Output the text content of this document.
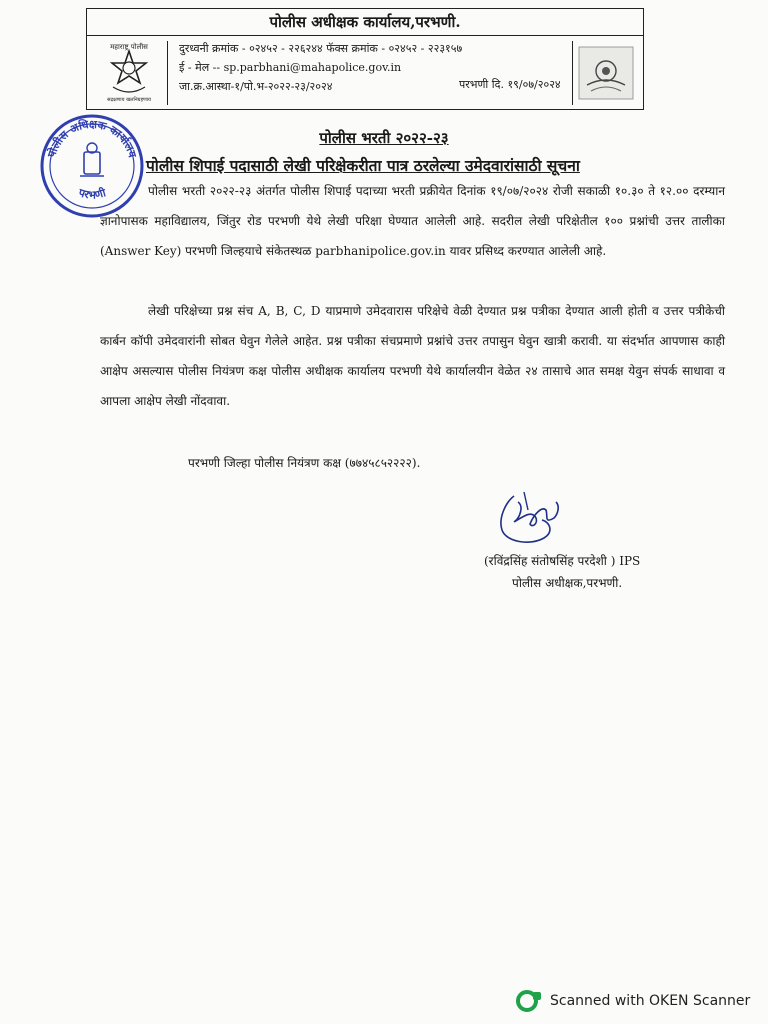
पोलीस अधीक्षक कार्यालय,परभणी.
महाराष्ट्र पोलीस
सद्रक्षणाय खलनिग्रहणाय
दुरध्वनी क्रमांक - ०२४५२ - २२६२४४ फॅक्स क्रमांक - ०२४५२ - २२३१५७
ई - मेल -- sp.parbhani@mahapolice.gov.in
जा.क्र.आस्था-१/पो.भ-२०२२-२३/२०२४	परभणी दि. १९/०७/२०२४
पोलीस अधिक्षक कार्यालय
परभणी
पोलीस भरती २०२२-२३
पोलीस शिपाई पदासाठी लेखी परिक्षेकरीता पात्र ठरलेल्या उमेदवारांसाठी सूचना
पोलीस भरती २०२२-२३ अंतर्गत पोलीस शिपाई पदाच्या भरती प्रक्रीयेत दिनांक १९/०७/२०२४ रोजी सकाळी १०.३० ते १२.०० दरम्यान ज्ञानोपासक महाविद्यालय, जिंतुर रोड परभणी येथे लेखी परिक्षा घेण्यात आलेली आहे. सदरील लेखी परिक्षेतील १०० प्रश्नांची उत्तर तालीका (Answer Key) परभणी जिल्हयाचे संकेतस्थळ parbhanipolice.gov.in यावर प्रसिध्द करण्यात आलेली आहे.
लेखी परिक्षेच्या प्रश्न संच A, B, C, D याप्रमाणे उमेदवारास परिक्षेचे वेळी देण्यात प्रश्न पत्रीका देण्यात आली होती व उत्तर पत्रीकेची कार्बन कॉपी उमेदवारांनी सोबत घेवुन गेलेले आहेत. प्रश्न पत्रीका संचप्रमाणे प्रश्नांचे उत्तर तपासुन घेवुन खात्री करावी. या संदर्भात आपणास काही आक्षेप असल्यास पोलीस नियंत्रण कक्ष पोलीस अधीक्षक कार्यालय परभणी येथे कार्यालयीन वेळेत २४ तासाचे आत समक्ष येवुन संपर्क साधावा व आपला आक्षेप लेखी नोंदवावा.
परभणी जिल्हा पोलीस नियंत्रण कक्ष (७७४५८५२२२२).
(रविंद्रसिंह संतोषसिंह परदेशी ) IPS
पोलीस अधीक्षक,परभणी.
Scanned with OKEN Scanner
